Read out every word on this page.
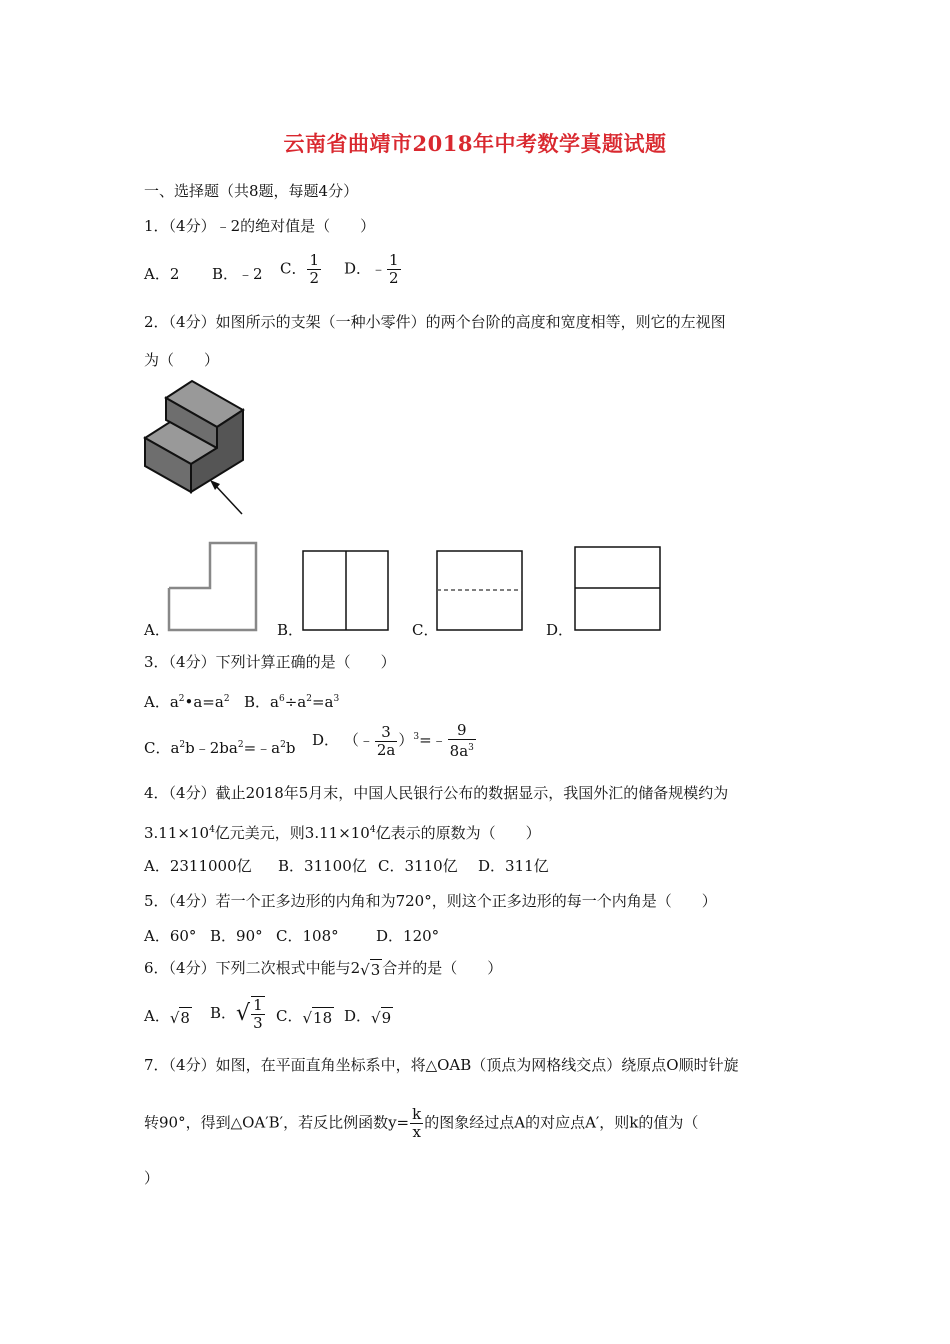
云南省曲靖市2018年中考数学真题试题
一、选择题（共8题，每题4分）
1．（4分）﹣2的绝对值是（　　）
A．2 B．﹣2 C． $\frac{1}{2}$ D．﹣ $\frac{1}{2}$
2．（4分）如图所示的支架（一种小零件）的两个台阶的高度和宽度相等，则它的左视图
为（　　）
A．	B．	C．	D．
3．（4分）下列计算正确的是（　　）
A．$a^2•a=a^2$ B．$a^6\div a^2=a^3$
C．$a^2b﹣2ba^2=﹣a^2b$ D． （﹣ $\frac{3}{2a}$ ）$^3$=﹣ $\frac{9}{8a^3}$
4．（4分）截止2018年5月末，中国人民银行公布的数据显示，我国外汇的储备规模约为
$3.11\times 10^4$亿元美元，则$3.11\times 10^4$亿表示的原数为（　　）
A．2311000亿 B．31100亿 C．3110亿 D．311亿
5．（4分）若一个正多边形的内角和为720°，则这个正多边形的每一个内角是（　　）
A．60° B．90° C．108° D．120°
6．（4分）下列二次根式中能与2√3 合并的是（　　）
A．√8 B．√ $\frac{1}{3}$ C．√18 D．√9
7．（4分）如图，在平面直角坐标系中，将△OAB（顶点为网格线交点）绕原点O顺时针旋
转90°，得到△OA′B′，若反比例函数$y= \frac{k}{x}$ 的图象经过点A的对应点A′，则k的值为（
）
